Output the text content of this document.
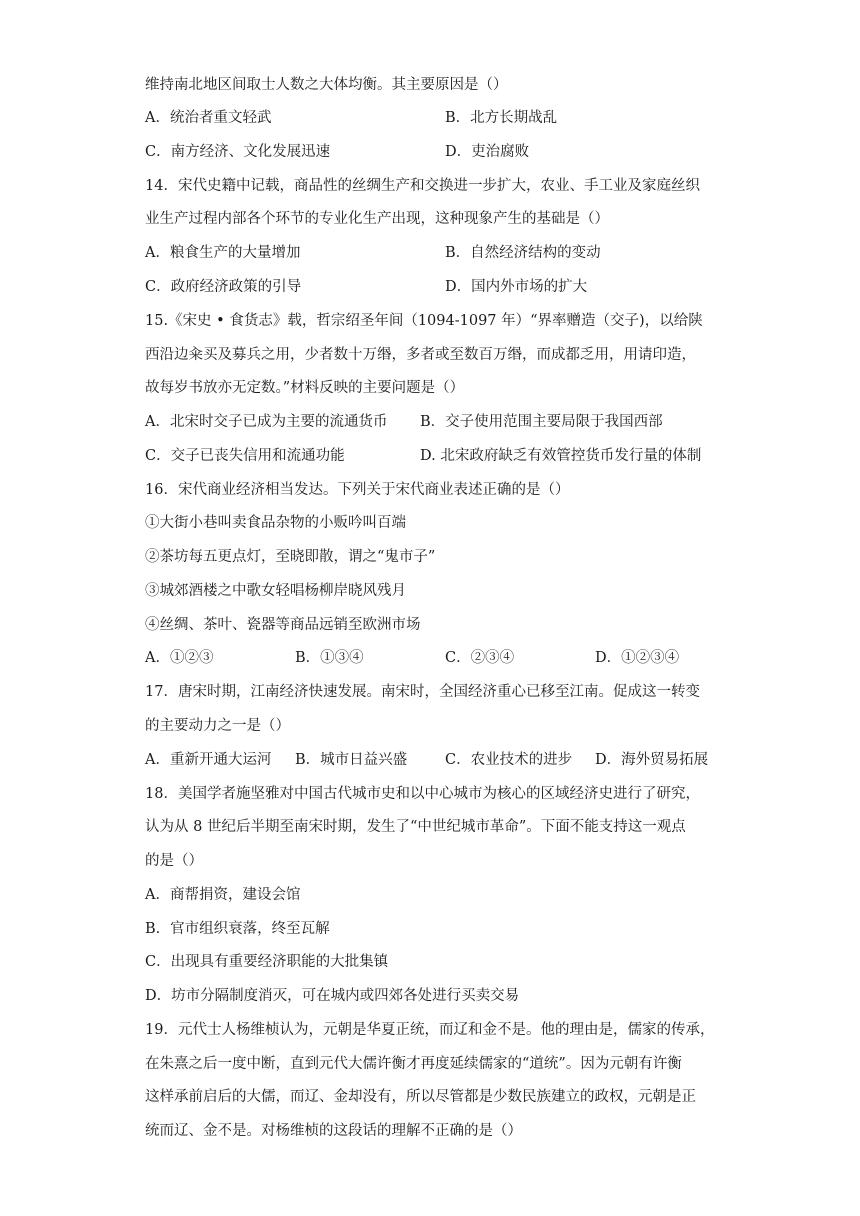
维持南北地区间取士人数之大体均衡。其主要原因是（）
A．统治者重文轻武	B．北方长期战乱
C．南方经济、文化发展迅速	D．吏治腐败
14．宋代史籍中记载，商品性的丝绸生产和交换进一步扩大，农业、手工业及家庭丝织
业生产过程内部各个环节的专业化生产出现，这种现象产生的基础是（）
A．粮食生产的大量增加	B．自然经济结构的变动
C．政府经济政策的引导	D．国内外市场的扩大
15.《宋史 • 食货志》载，哲宗绍圣年间（1094-1097 年）“界率赠造（交子)，以给陕
西沿边籴买及募兵之用，少者数十万缗，多者或至数百万缗，而成都乏用，用请印造，
故每岁书放亦无定数。”材料反映的主要问题是（）
A．北宋时交子已成为主要的流通货币 B．交子使用范围主要局限于我国西部
C．交子已丧失信用和流通功能	D. 北宋政府缺乏有效管控货币发行量的体制
16．宋代商业经济相当发达。下列关于宋代商业表述正确的是（）
①大街小巷叫卖食品杂物的小贩吟叫百端
②茶坊每五更点灯，至晓即散，谓之“鬼市子”
③城郊酒楼之中歌女轻唱杨柳岸晓风残月
④丝绸、茶叶、瓷器等商品远销至欧洲市场
A．①②③	B．①③④	C．②③④	D．①②③④
17．唐宋时期，江南经济快速发展。南宋时，全国经济重心已移至江南。促成这一转变
的主要动力之一是（）
A．重新开通大运河 B．城市日益兴盛	C．农业技术的进步 D．海外贸易拓展
18．美国学者施坚雅对中国古代城市史和以中心城市为核心的区域经济史进行了研究，
认为从 8 世纪后半期至南宋时期，发生了“中世纪城市革命”。下面不能支持这一观点
的是（）
A．商帮捐资，建设会馆
B．官市组织衰落，终至瓦解
C．出现具有重要经济职能的大批集镇
D．坊市分隔制度消灭，可在城内或四郊各处进行买卖交易
19．元代士人杨维桢认为，元朝是华夏正统，而辽和金不是。他的理由是，儒家的传承，
在朱熹之后一度中断，直到元代大儒许衡才再度延续儒家的“道统”。因为元朝有许衡
这样承前启后的大儒，而辽、金却没有，所以尽管都是少数民族建立的政权，元朝是正
统而辽、金不是。对杨维桢的这段话的理解不正确的是（）
